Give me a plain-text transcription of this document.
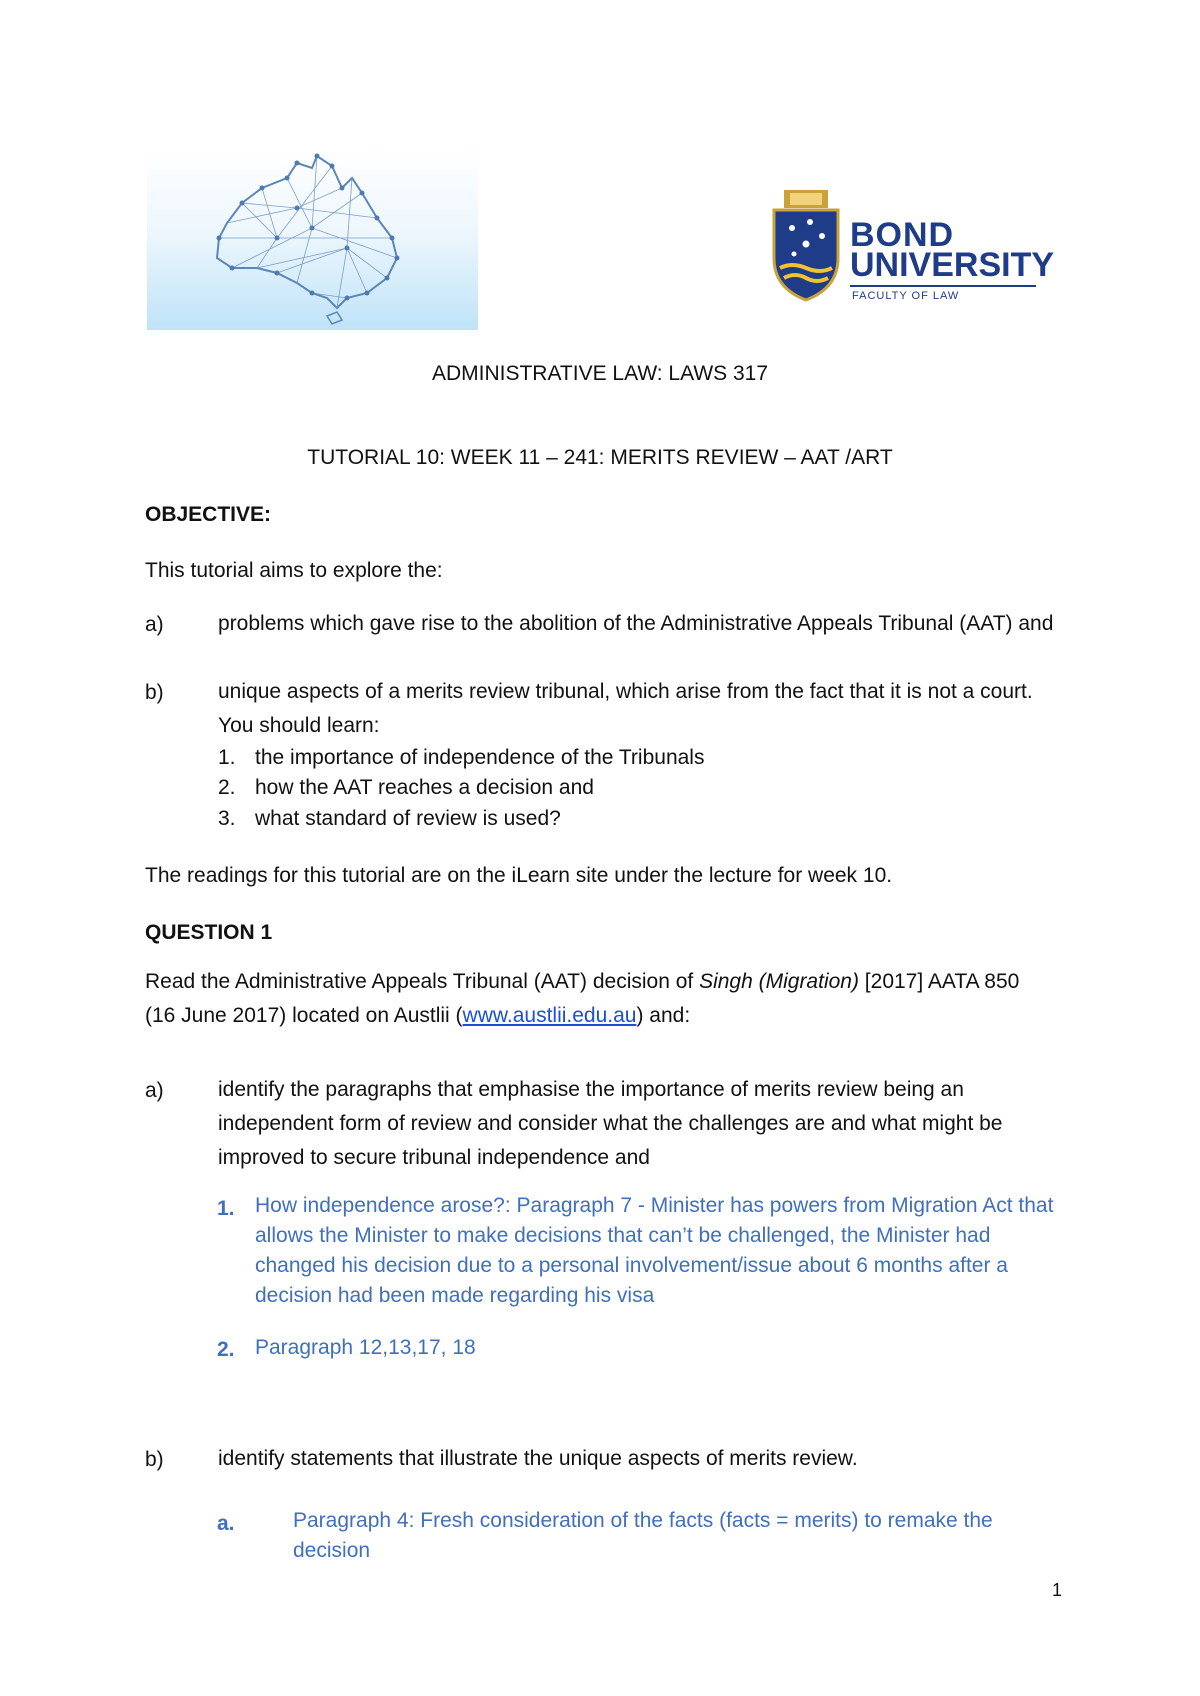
BOND
UNIVERSITY
FACULTY OF LAW
ADMINISTRATIVE LAW: LAWS 317
TUTORIAL 10: WEEK 11 – 241: MERITS REVIEW – AAT /ART
OBJECTIVE:
This tutorial aims to explore the:
a)	problems which gave rise to the abolition of the Administrative Appeals Tribunal (AAT) and
b)	unique aspects of a merits review tribunal, which arise from the fact that it is not a court. You should learn:
1. the importance of independence of the Tribunals
2. how the AAT reaches a decision and
3. what standard of review is used?
The readings for this tutorial are on the iLearn site under the lecture for week 10.
QUESTION 1
Read the Administrative Appeals Tribunal (AAT) decision of Singh (Migration) [2017] AATA 850 (16 June 2017) located on Austlii (www.austlii.edu.au) and:
a)	identify the paragraphs that emphasise the importance of merits review being an independent form of review and consider what the challenges are and what might be improved to secure tribunal independence and
1. How independence arose?: Paragraph 7 - Minister has powers from Migration Act that allows the Minister to make decisions that can’t be challenged, the Minister had changed his decision due to a personal involvement/issue about 6 months after a decision had been made regarding his visa
2. Paragraph 12,13,17, 18
b)	identify statements that illustrate the unique aspects of merits review.
a.	Paragraph 4: Fresh consideration of the facts (facts = merits) to remake the decision
1
